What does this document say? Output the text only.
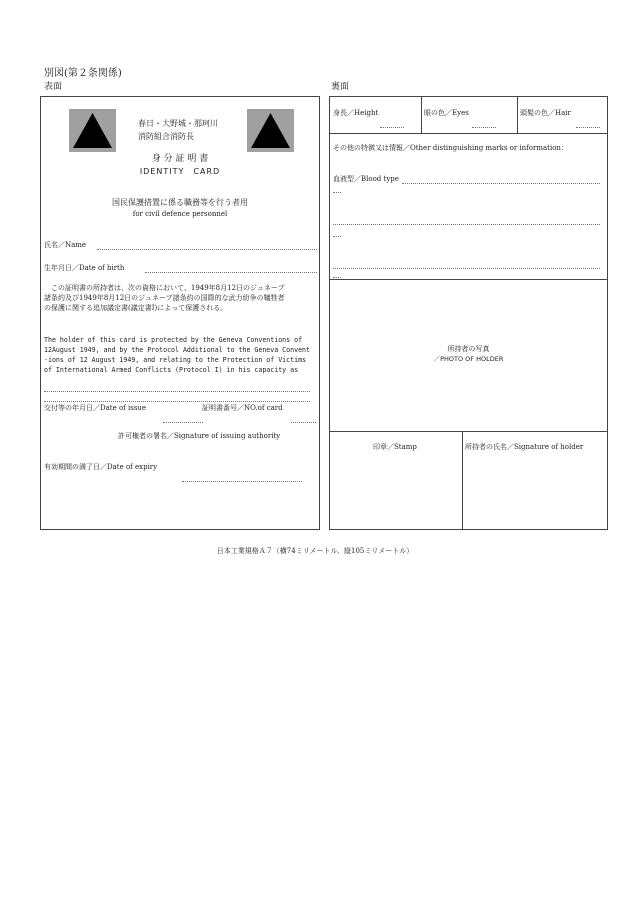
別図(第２条関係)
表面	裏面
春日・大野城・那珂川
消防組合消防長
身 分 証 明 書
IDENTITY　CARD
国民保護措置に係る職務等を行う者用
for civil defence personnel
氏名／Name
生年月日／Date of birth
　この証明書の所持者は、次の資格において、1949年8月12日のジュネーブ
諸条約及び1949年8月12日のジュネーブ諸条約の国際的な武力紛争の犠牲者
の保護に関する追加議定書(議定書Ⅰ)によって保護される。
The holder of this card is protected by the Geneva Conventions of
12August 1949, and by the Protocol Additional to the Geneva Convent
-ions of 12 August 1949, and relating to the Protection of Victims
of International Armed Conflicts (Protocol I) in his capacity as
交付等の年月日／Date of issue	証明書番号／NO.of card
許可権者の署名／Signature of issuing authority
有効期間の満了日／Date of expiry
身長／Height	眼の色／Eyes	頭髪の色／Hair
その他の特徴又は情報／Other distinguishing marks or information：
血液型／Blood type
所持者の写真
／PHOTO OF HOLDER
印章／Stamp	所持者の氏名／Signature of holder
日本工業規格Ａ７（横74ミリメートル、縦105ミリメートル）
